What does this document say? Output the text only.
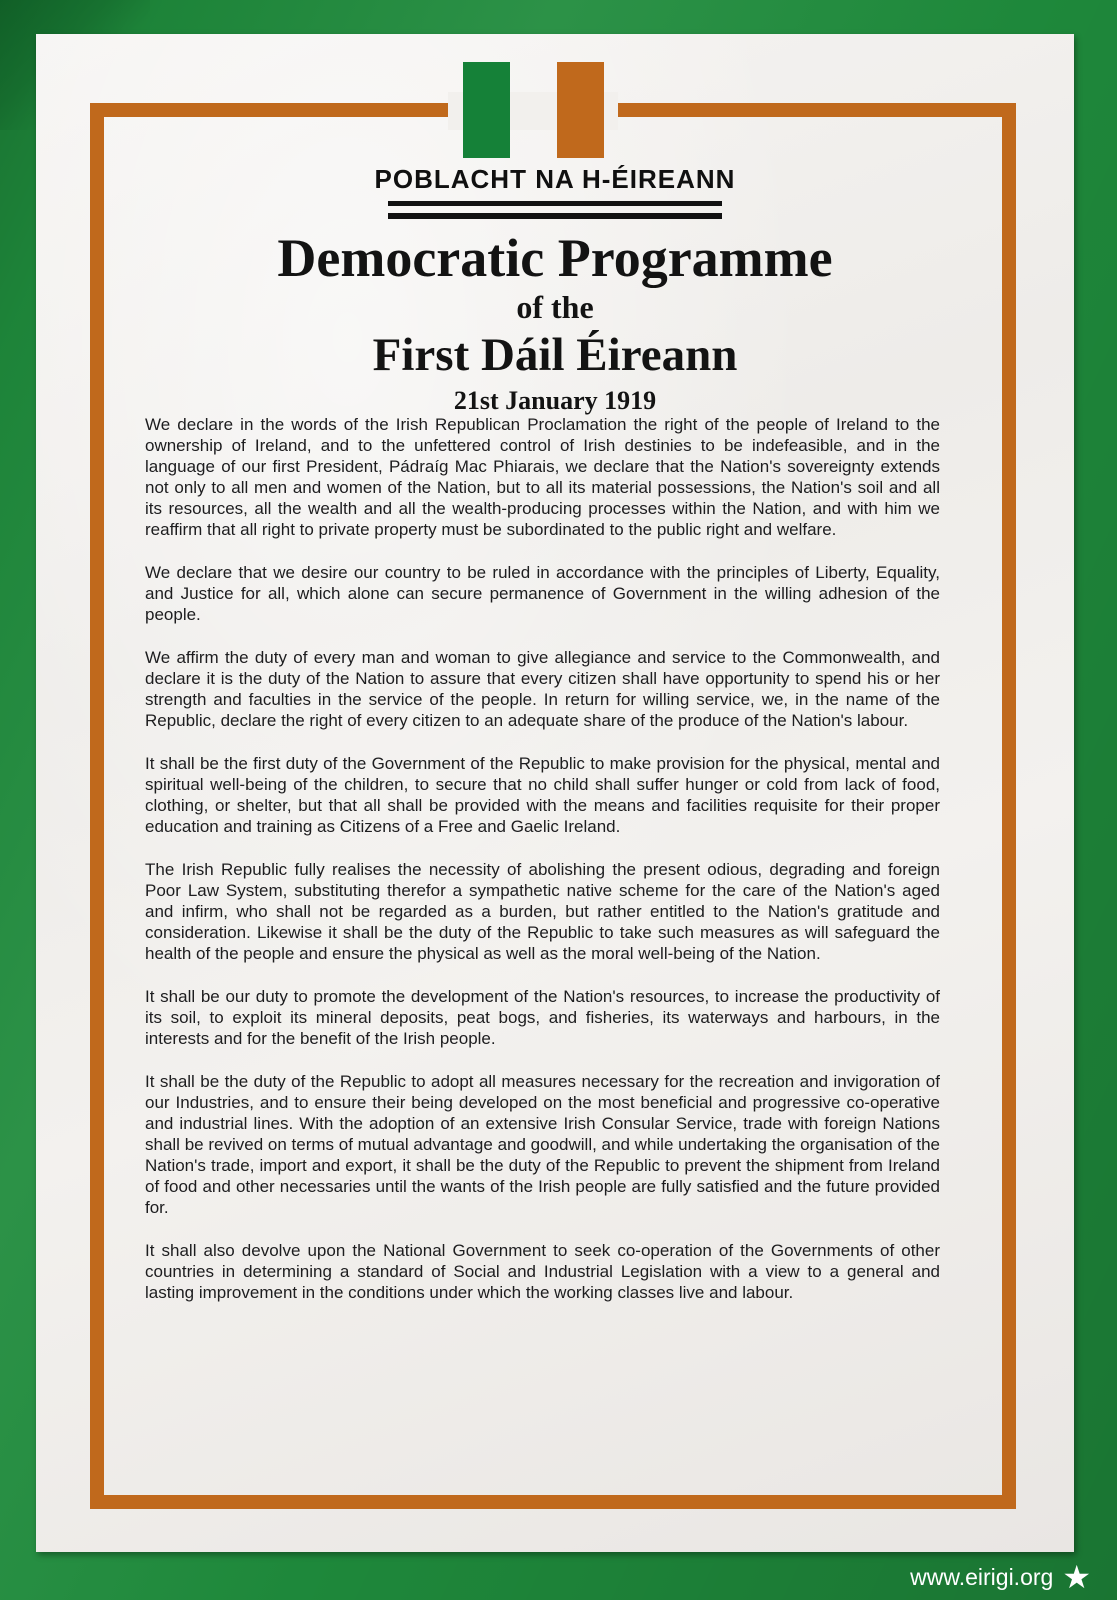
POBLACHT NA H-ÉIREANN
Democratic Programme
of the
First Dáil Éireann
21st January 1919

We declare in the words of the Irish Republican Proclamation the right of the people of Ireland to the ownership of Ireland, and to the unfettered control of Irish destinies to be indefeasible, and in the language of our first President, Pádraíg Mac Phiarais, we declare that the Nation's sovereignty extends not only to all men and women of the Nation, but to all its material possessions, the Nation's soil and all its resources, all the wealth and all the wealth-producing processes within the Nation, and with him we reaffirm that all right to private property must be subordinated to the public right and welfare.

We declare that we desire our country to be ruled in accordance with the principles of Liberty, Equality, and Justice for all, which alone can secure permanence of Government in the willing adhesion of the people.

We affirm the duty of every man and woman to give allegiance and service to the Commonwealth, and declare it is the duty of the Nation to assure that every citizen shall have opportunity to spend his or her strength and faculties in the service of the people. In return for willing service, we, in the name of the Republic, declare the right of every citizen to an adequate share of the produce of the Nation's labour.

It shall be the first duty of the Government of the Republic to make provision for the physical, mental and spiritual well-being of the children, to secure that no child shall suffer hunger or cold from lack of food, clothing, or shelter, but that all shall be provided with the means and facilities requisite for their proper education and training as Citizens of a Free and Gaelic Ireland.

The Irish Republic fully realises the necessity of abolishing the present odious, degrading and foreign Poor Law System, substituting therefor a sympathetic native scheme for the care of the Nation's aged and infirm, who shall not be regarded as a burden, but rather entitled to the Nation's gratitude and consideration. Likewise it shall be the duty of the Republic to take such measures as will safeguard the health of the people and ensure the physical as well as the moral well-being of the Nation.

It shall be our duty to promote the development of the Nation's resources, to increase the productivity of its soil, to exploit its mineral deposits, peat bogs, and fisheries, its waterways and harbours, in the interests and for the benefit of the Irish people.

It shall be the duty of the Republic to adopt all measures necessary for the recreation and invigoration of our Industries, and to ensure their being developed on the most beneficial and progressive co-operative and industrial lines. With the adoption of an extensive Irish Consular Service, trade with foreign Nations shall be revived on terms of mutual advantage and goodwill, and while undertaking the organisation of the Nation's trade, import and export, it shall be the duty of the Republic to prevent the shipment from Ireland of food and other necessaries until the wants of the Irish people are fully satisfied and the future provided for.

It shall also devolve upon the National Government to seek co-operation of the Governments of other countries in determining a standard of Social and Industrial Legislation with a view to a general and lasting improvement in the conditions under which the working classes live and labour.

www.eirigi.org ★
